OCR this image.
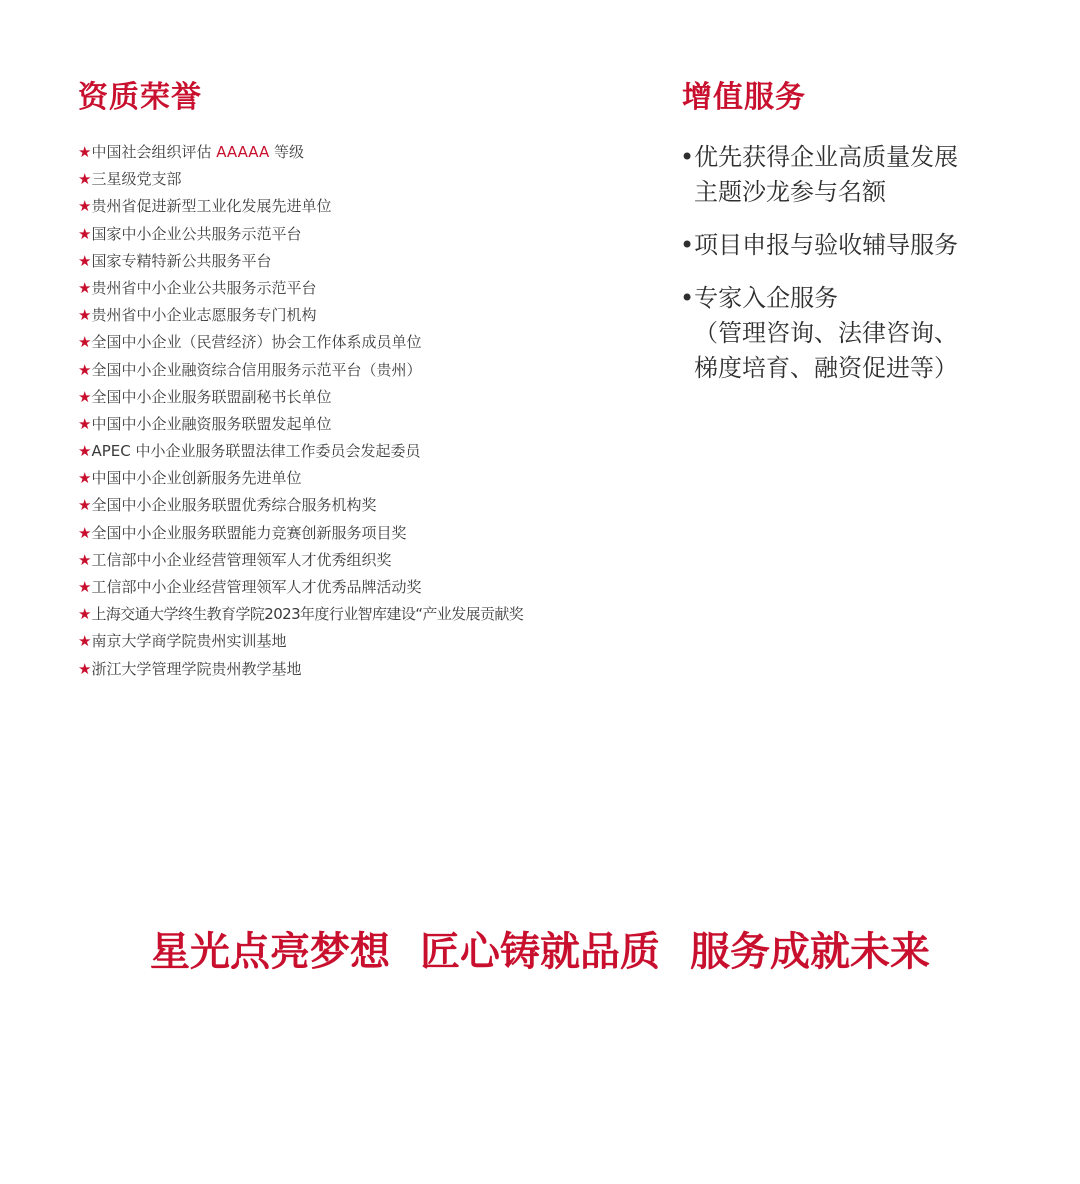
资质荣誉
★中国社会组织评估 AAAAA 等级
★三星级党支部
★贵州省促进新型工业化发展先进单位
★国家中小企业公共服务示范平台
★国家专精特新公共服务平台
★贵州省中小企业公共服务示范平台
★贵州省中小企业志愿服务专门机构
★全国中小企业（民营经济）协会工作体系成员单位
★全国中小企业融资综合信用服务示范平台（贵州）
★全国中小企业服务联盟副秘书长单位
★中国中小企业融资服务联盟发起单位
★APEC 中小企业服务联盟法律工作委员会发起委员
★中国中小企业创新服务先进单位
★全国中小企业服务联盟优秀综合服务机构奖
★全国中小企业服务联盟能力竞赛创新服务项目奖
★工信部中小企业经营管理领军人才优秀组织奖
★工信部中小企业经营管理领军人才优秀品牌活动奖
★上海交通大学终生教育学院2023年度行业智库建设“产业发展贡献奖
★南京大学商学院贵州实训基地
★浙江大学管理学院贵州教学基地
增值服务
•优先获得企业高质量发展
主题沙龙参与名额
•项目申报与验收辅导服务
•专家入企服务
（管理咨询、法律咨询、
梯度培育、融资促进等）

星光点亮梦想 匠心铸就品质 服务成就未来
